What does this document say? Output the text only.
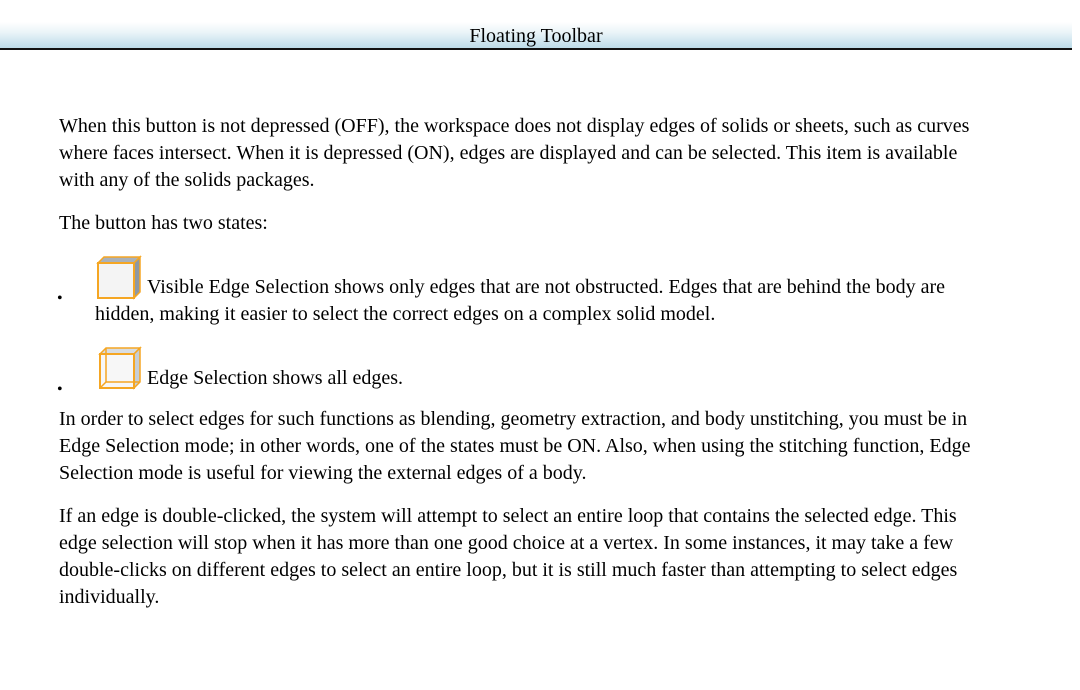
Floating Toolbar

When this button is not depressed (OFF), the workspace does not display edges of solids or sheets, such as curves where faces intersect. When it is depressed (ON), edges are displayed and can be selected. This item is available with any of the solids packages.

The button has two states:

•
Visible Edge Selection shows only edges that are not obstructed. Edges that are behind the body are hidden, making it easier to select the correct edges on a complex solid model.
•
Edge Selection shows all edges.

In order to select edges for such functions as blending, geometry extraction, and body unstitching, you must be in Edge Selection mode; in other words, one of the states must be ON. Also, when using the stitching function, Edge Selection mode is useful for viewing the external edges of a body.

If an edge is double-clicked, the system will attempt to select an entire loop that contains the selected edge. This edge selection will stop when it has more than one good choice at a vertex. In some instances, it may take a few double-clicks on different edges to select an entire loop, but it is still much faster than attempting to select edges individually.
